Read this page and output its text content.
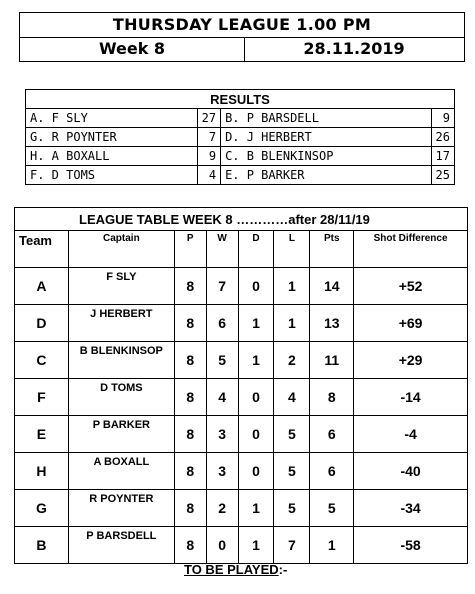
THURSDAY LEAGUE 1.00 PM
Week 8	28.11.2019
RESULTS			
A. F SLY	27	B. P BARSDELL	9
G. R POYNTER	7	D. J HERBERT	26
H. A BOXALL	9	C. B BLENKINSOP	17
F. D TOMS	4	E. P BARKER	25
LEAGUE TABLE WEEK 8 …………after 28/11/19							
Team	Captain	P	W	D	L	Pts	Shot Difference
A	F SLY	8	7	0	1	14	+52
D	J HERBERT	8	6	1	1	13	+69
C	B BLENKINSOP	8	5	1	2	11	+29
F	D TOMS	8	4	0	4	8	-14
E	P BARKER	8	3	0	5	6	-4
H	A BOXALL	8	3	0	5	6	-40
G	R POYNTER	8	2	1	5	5	-34
B	P BARSDELL	8	0	1	7	1	-58
TO BE PLAYED:-
